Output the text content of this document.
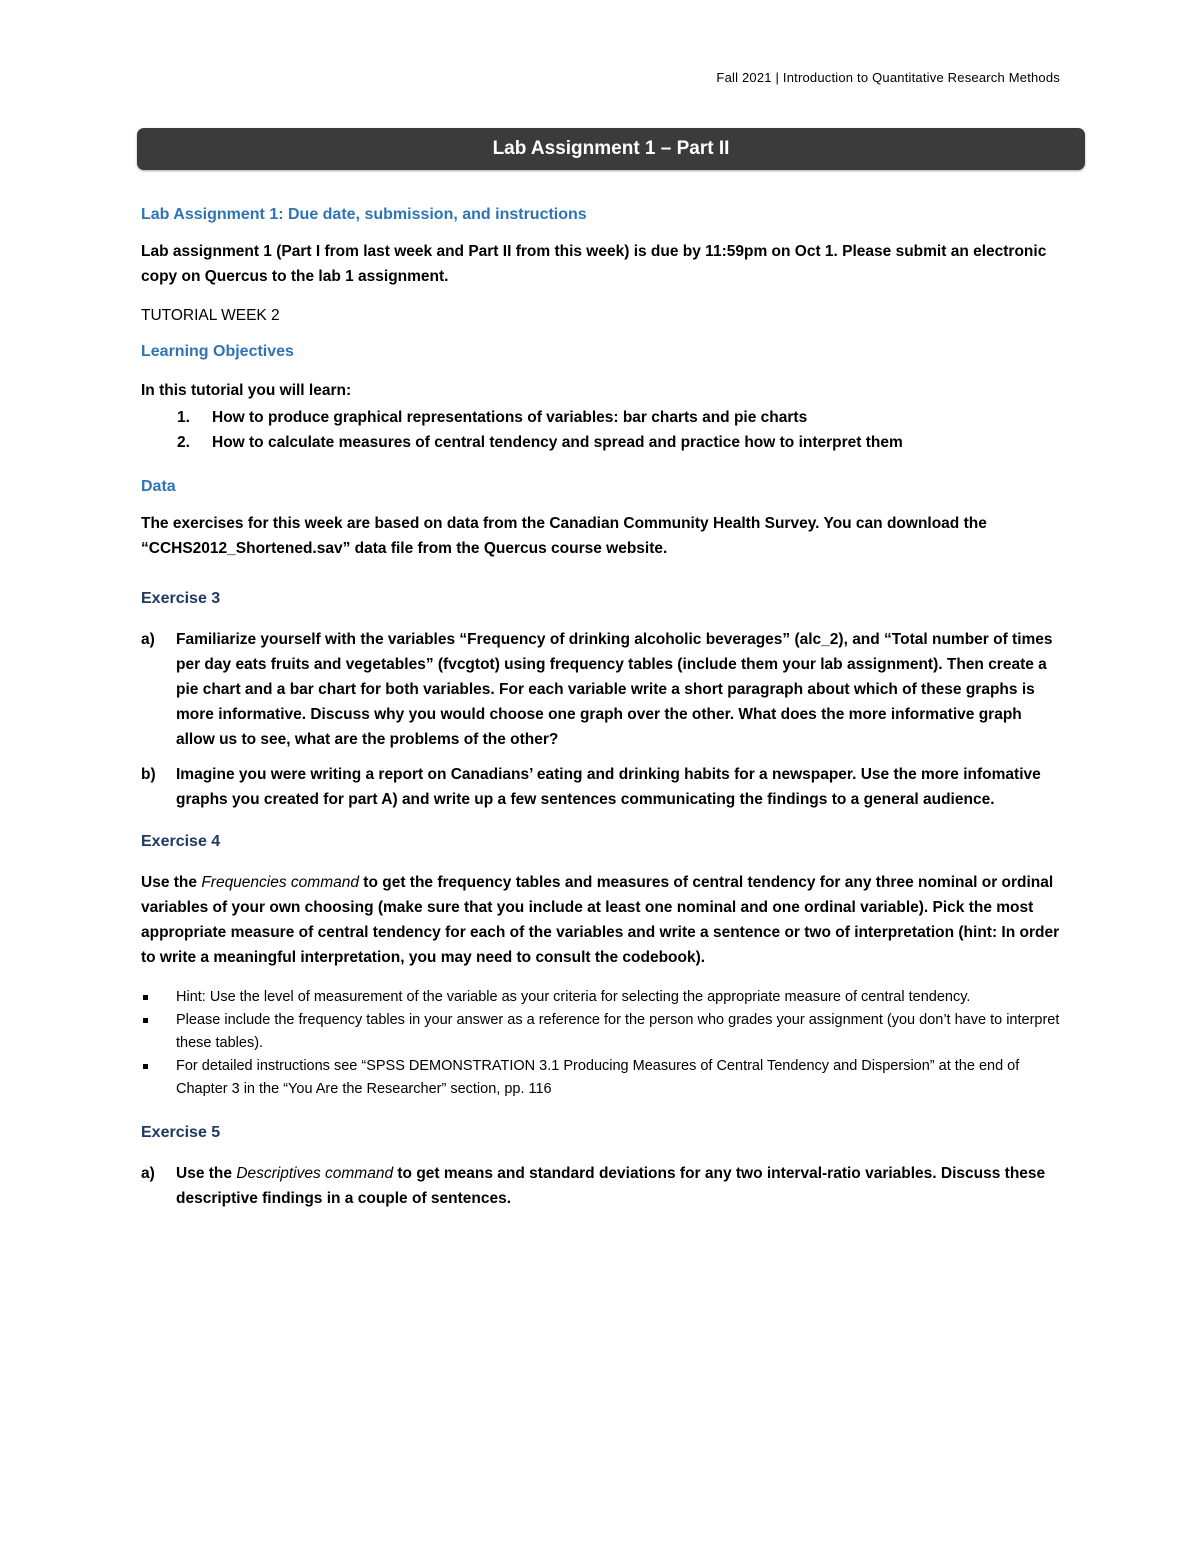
Fall 2021 | Introduction to Quantitative Research Methods
Lab Assignment 1 – Part II
Lab Assignment 1: Due date, submission, and instructions

Lab assignment 1 (Part I from last week and Part II from this week) is due by 11:59pm on Oct 1. Please submit an electronic copy on Quercus to the lab 1 assignment.

TUTORIAL WEEK 2

Learning Objectives

In this tutorial you will learn:

1. How to produce graphical representations of variables: bar charts and pie charts
2. How to calculate measures of central tendency and spread and practice how to interpret them
Data

The exercises for this week are based on data from the Canadian Community Health Survey. You can download the “CCHS2012_Shortened.sav” data file from the Quercus course website.

Exercise 3
a) Familiarize yourself with the variables “Frequency of drinking alcoholic beverages” (alc_2), and “Total number of times per day eats fruits and vegetables” (fvcgtot) using frequency tables (include them your lab assignment). Then create a pie chart and a bar chart for both variables. For each variable write a short paragraph about which of these graphs is more informative. Discuss why you would choose one graph over the other. What does the more informative graph allow us to see, what are the problems of the other?
b) Imagine you were writing a report on Canadians’ eating and drinking habits for a newspaper. Use the more infomative graphs you created for part A) and write up a few sentences communicating the findings to a general audience.
Exercise 4

Use the Frequencies command to get the frequency tables and measures of central tendency for any three nominal or ordinal variables of your own choosing (make sure that you include at least one nominal and one ordinal variable). Pick the most appropriate measure of central tendency for each of the variables and write a sentence or two of interpretation (hint: In order to write a meaningful interpretation, you may need to consult the codebook).

Hint: Use the level of measurement of the variable as your criteria for selecting the appropriate measure of central tendency.
Please include the frequency tables in your answer as a reference for the person who grades your assignment (you don’t have to interpret these tables).
For detailed instructions see “SPSS DEMONSTRATION 3.1 Producing Measures of Central Tendency and Dispersion” at the end of Chapter 3 in the “You Are the Researcher” section, pp. 116
Exercise 5
a) Use the Descriptives command to get means and standard deviations for any two interval-ratio variables. Discuss these descriptive findings in a couple of sentences.
